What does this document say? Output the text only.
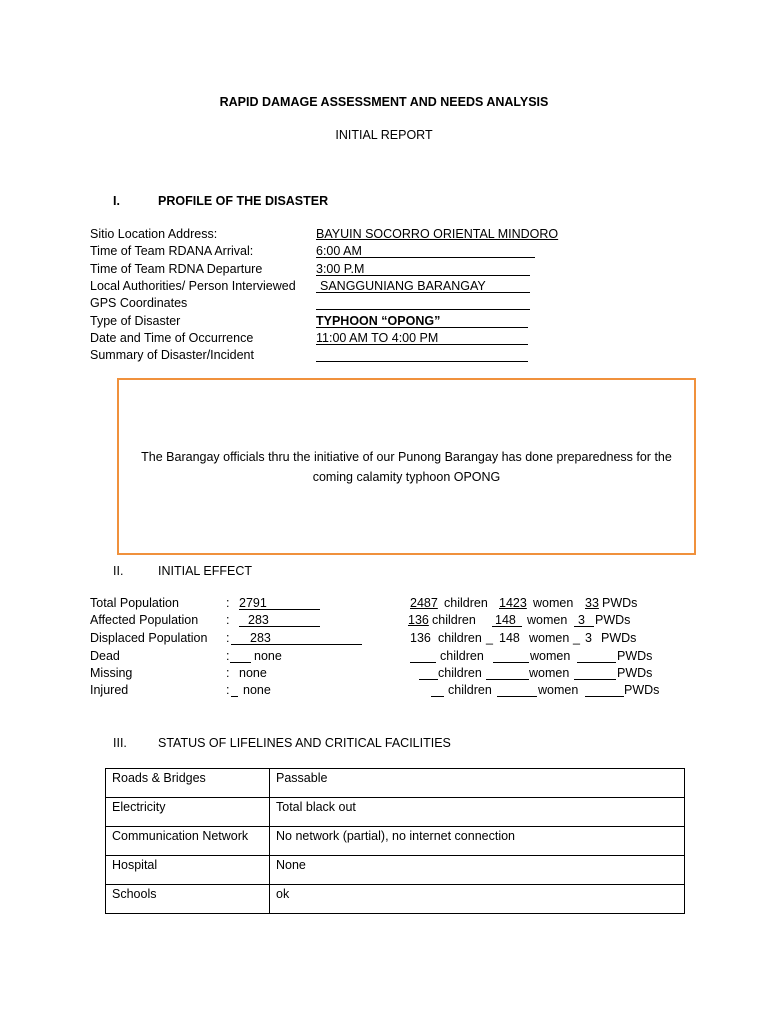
RAPID DAMAGE ASSESSMENT AND NEEDS ANALYSIS
INITIAL REPORT
I.	PROFILE OF THE DISASTER
Sitio Location Address:	BAYUIN SOCORRO ORIENTAL MINDORO
Time of Team RDANA Arrival:	6:00 AM
Time of Team RDNA Departure	3:00 P.M
Local Authorities/ Person Interviewed SANGGUNIANG BARANGAY
GPS Coordinates
Type of Disaster	TYPHOON “OPONG”
Date and Time of Occurrence	11:00 AM TO 4:00 PM
Summary of Disaster/Incident
The Barangay officials thru the initiative of our Punong Barangay has done preparedness for the coming calamity typhoon OPONG
II.	INITIAL EFFECT
Total Population	: 2791	2487 children 1423 women 33 PWDs
Affected Population : 283	136 children 148 women 3 PWDs
Displaced Population : 283	136 children _ 148 women _ 3 PWDs
Dead	: none	children	women	PWDs
Missing	: none	children	women	PWDs
Injured	: none	children	women	PWDs
III. STATUS OF LIFELINES AND CRITICAL FACILITIES
Roads & Bridges	Passable
Electricity	Total black out
Communication Network	No network (partial), no internet connection
Hospital	None
Schools	ok
